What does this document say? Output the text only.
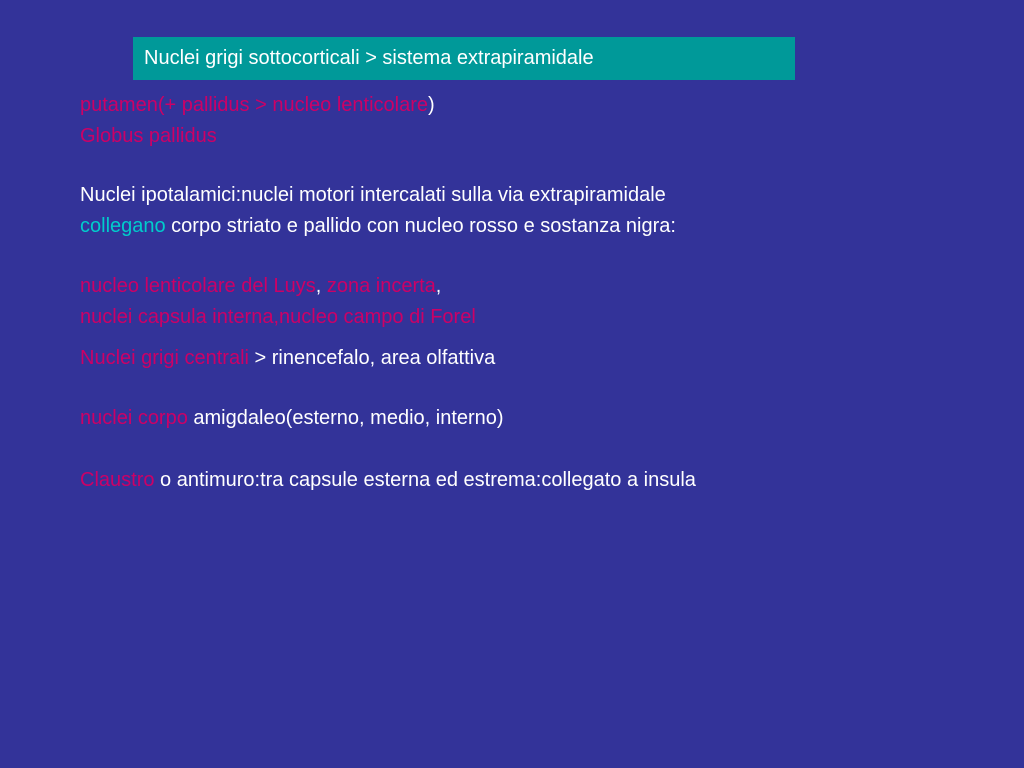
Nuclei grigi sottocorticali > sistema extrapiramidale
putamen(+ pallidus > nucleo lenticolare)
Globus pallidus
Nuclei ipotalamici:nuclei motori intercalati sulla via extrapiramidale
collegano corpo striato e pallido con nucleo rosso e sostanza nigra:
nucleo lenticolare del Luys, zona incerta,
nuclei capsula interna,nucleo campo di Forel
Nuclei grigi centrali > rinencefalo, area olfattiva
nuclei corpo amigdaleo(esterno, medio, interno)
Claustro o antimuro:tra capsule esterna ed estrema:collegato a insula
